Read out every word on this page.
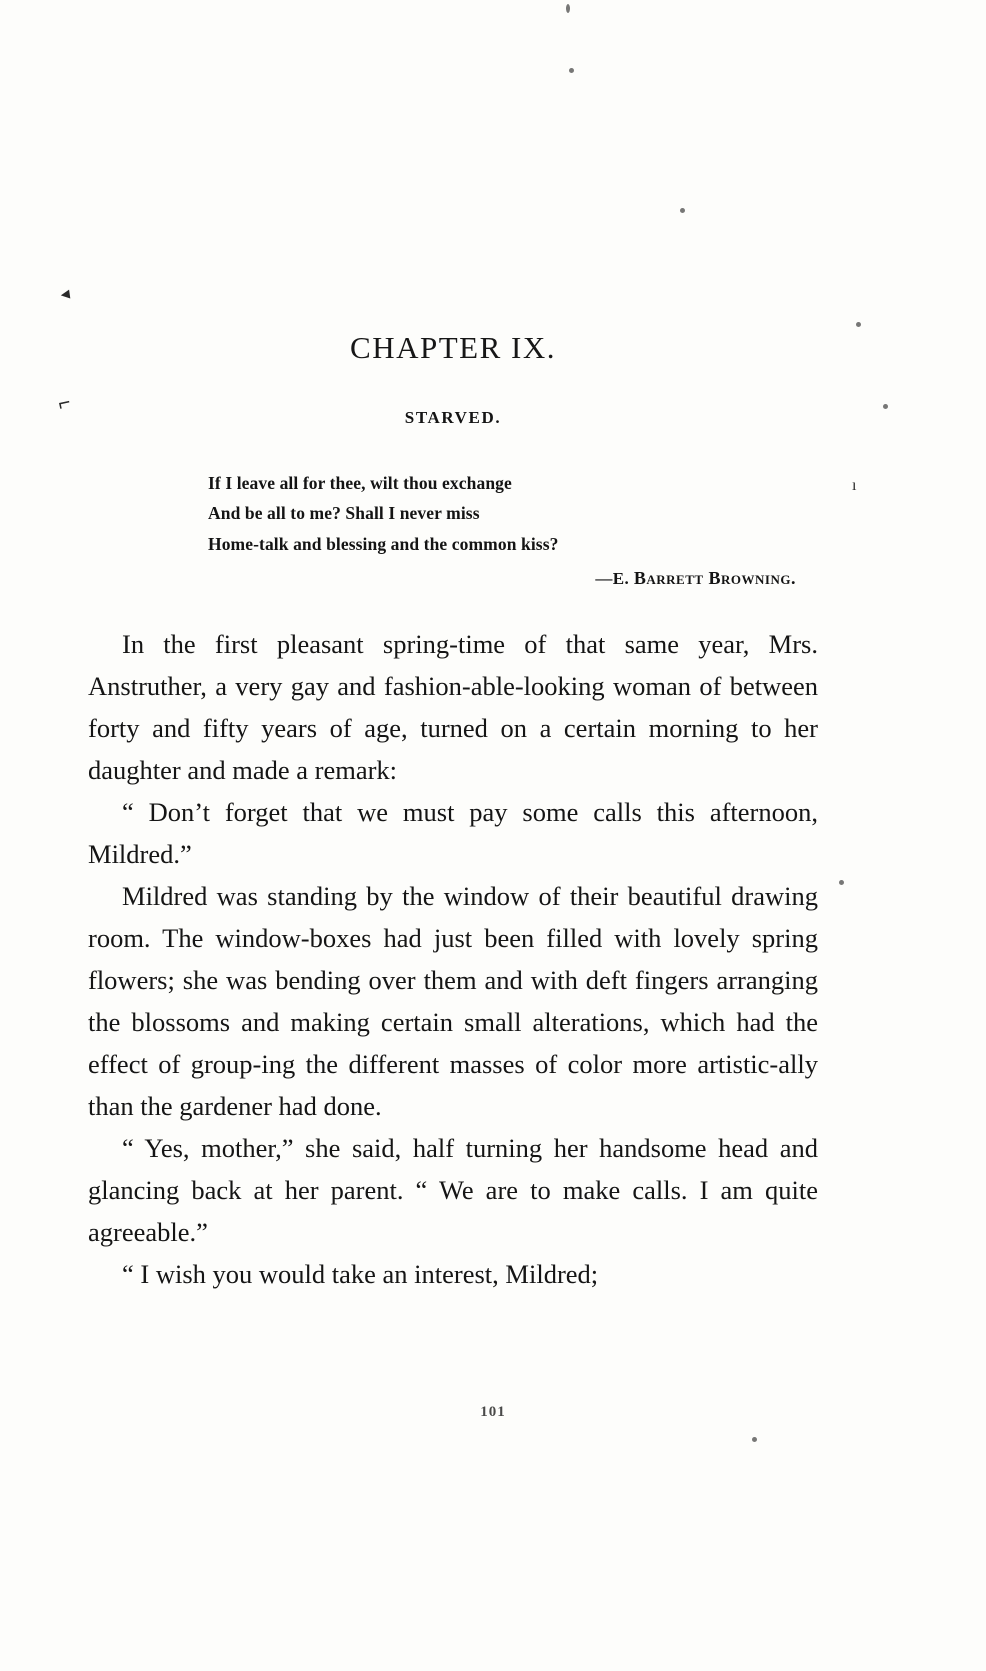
◄
⌐
ı
CHAPTER IX.
STARVED.
If I leave all for thee, wilt thou exchange
And be all to me? Shall I never miss
Home-talk and blessing and the common kiss?
—E. Barrett Browning.

In the first pleasant spring-time of that same year, Mrs. Anstruther, a very gay and fashion-able-looking woman of between forty and fifty years of age, turned on a certain morning to her daughter and made a remark:

“ Don’t forget that we must pay some calls this afternoon, Mildred.”

Mildred was standing by the window of their beautiful drawing room. The window-boxes had just been filled with lovely spring flowers; she was bending over them and with deft fingers arranging the blossoms and making certain small alterations, which had the effect of group-ing the different masses of color more artistic-ally than the gardener had done.

“ Yes, mother,” she said, half turning her handsome head and glancing back at her parent. “ We are to make calls. I am quite agreeable.”

“ I wish you would take an interest, Mildred;

101
